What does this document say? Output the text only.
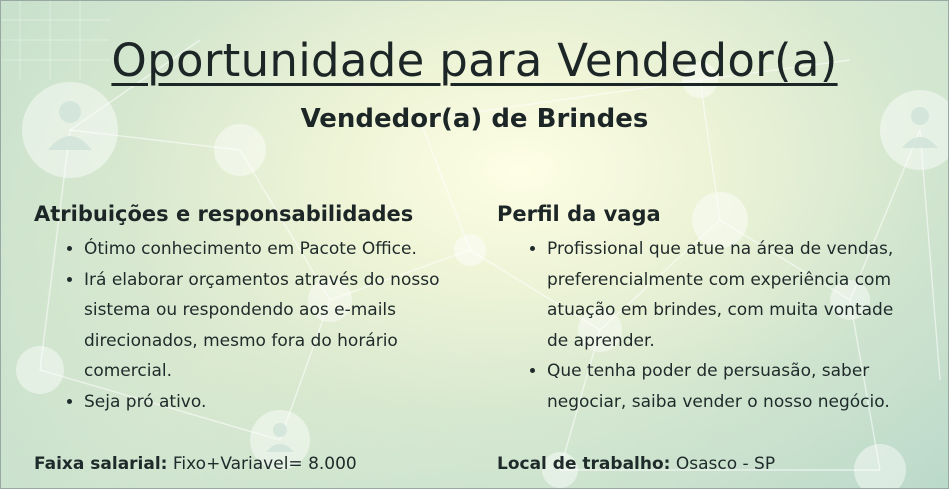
Oportunidade para Vendedor(a)
Vendedor(a) de Brindes
Atribuições e responsabilidades
• Ótimo conhecimento em Pacote Office.
• Irá elaborar orçamentos através do nosso sistema ou respondendo aos e-mails direcionados, mesmo fora do horário comercial.
• Seja pró ativo.
Perfil da vaga
• Profissional que atue na área de vendas, preferencialmente com experiência com atuação em brindes, com muita vontade de aprender.
• Que tenha poder de persuasão, saber negociar, saiba vender o nosso negócio.
Faixa salarial: Fixo+Variavel= 8.000	Local de trabalho: Osasco - SP
